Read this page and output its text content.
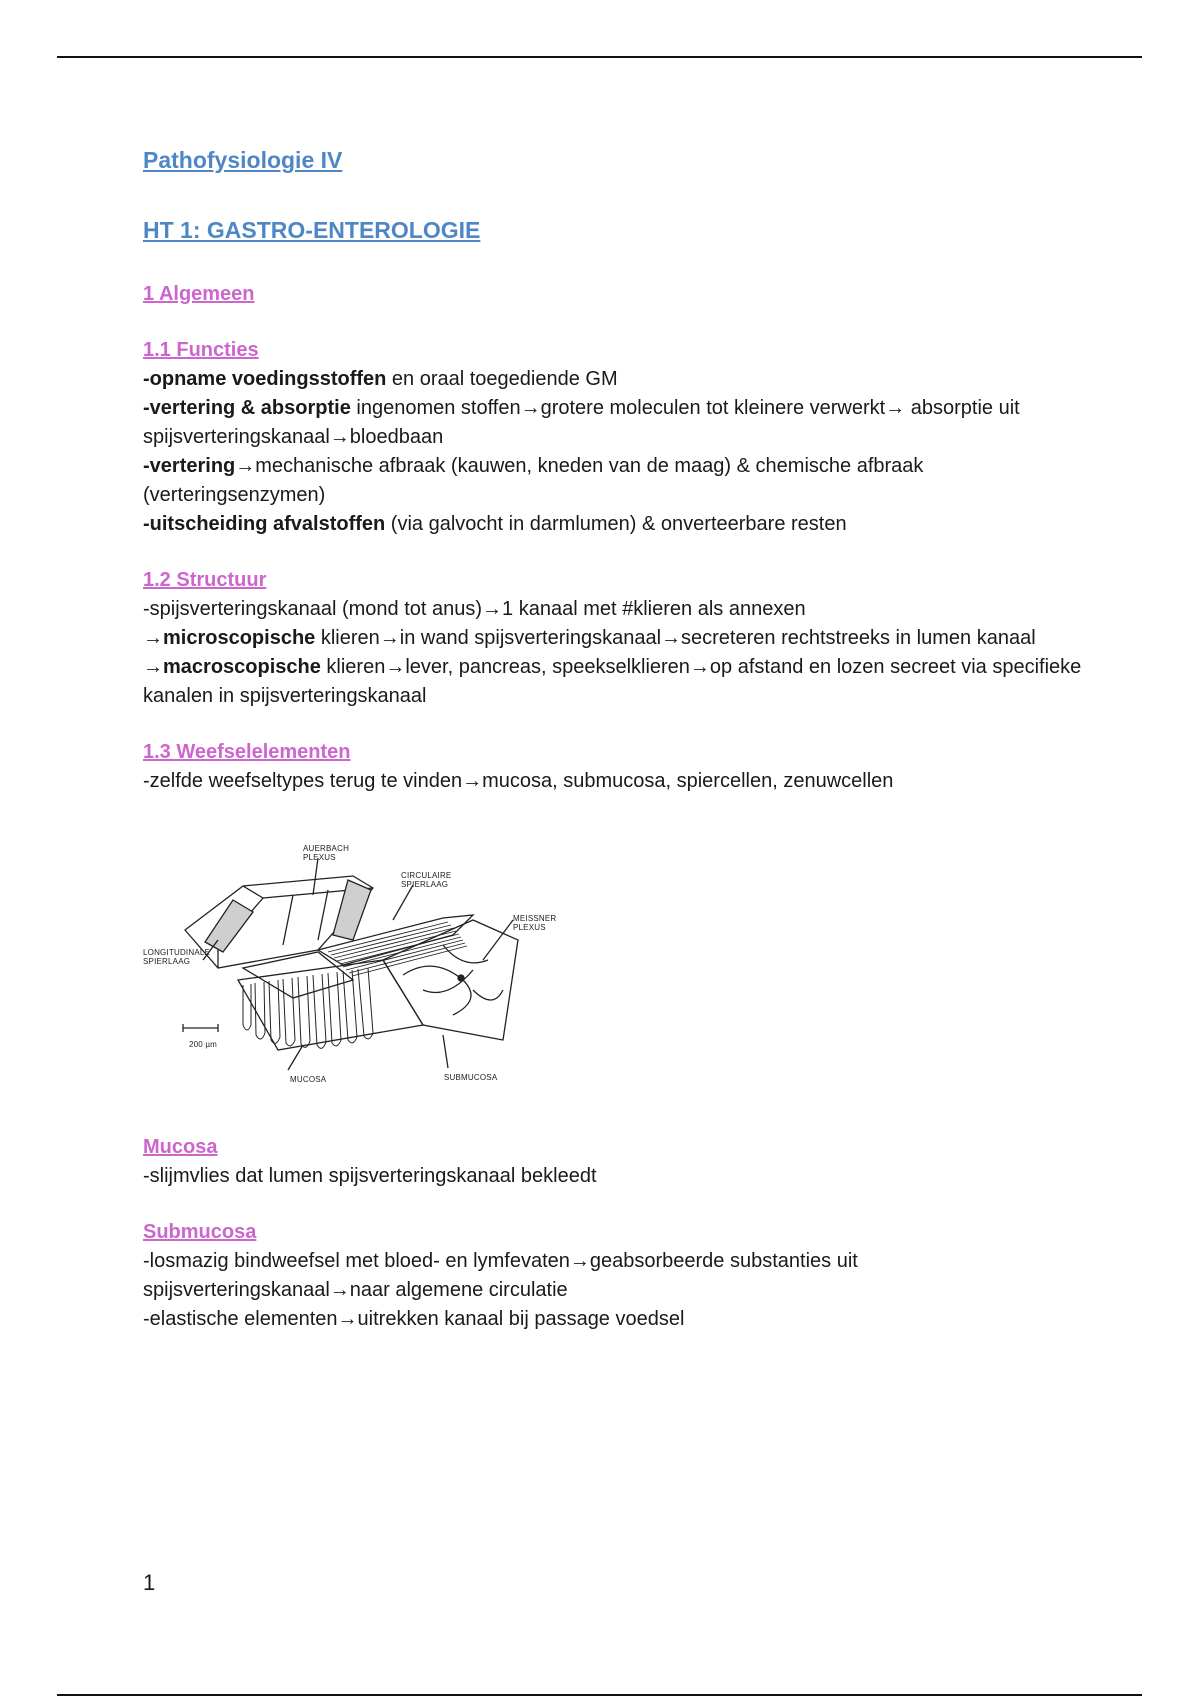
Pathofysiologie IV
HT 1: GASTRO-ENTEROLOGIE
1 Algemeen
1.1 Functies

-opname voedingsstoffen en oraal toegediende GM

-vertering & absorptie ingenomen stoffen→grotere moleculen tot kleinere verwerkt→ absorptie uit spijsverteringskanaal→bloedbaan

-vertering→mechanische afbraak (kauwen, kneden van de maag) & chemische afbraak (verteringsenzymen)

-uitscheiding afvalstoffen (via galvocht in darmlumen) & onverteerbare resten

1.2 Structuur

-spijsverteringskanaal (mond tot anus)→1 kanaal met #klieren als annexen

→microscopische klieren→in wand spijsverteringskanaal→secreteren rechtstreeks in lumen kanaal

→macroscopische klieren→lever, pancreas, speekselklieren→op afstand en lozen secreet via specifieke kanalen in spijsverteringskanaal

1.3 Weefselelementen

-zelfde weefseltypes terug te vinden→mucosa, submucosa, spiercellen, zenuwcellen

AUERBACH
PLEXUS
CIRCULAIRE
SPIERLAAG
MEISSNER
PLEXUS
LONGITUDINALE
SPIERLAAG
200 µm
MUCOSA	SUBMUCOSA
Mucosa

-slijmvlies dat lumen spijsverteringskanaal bekleedt

Submucosa

-losmazig bindweefsel met bloed- en lymfevaten→geabsorbeerde substanties uit spijsverteringskanaal→naar algemene circulatie

-elastische elementen→uitrekken kanaal bij passage voedsel

1
